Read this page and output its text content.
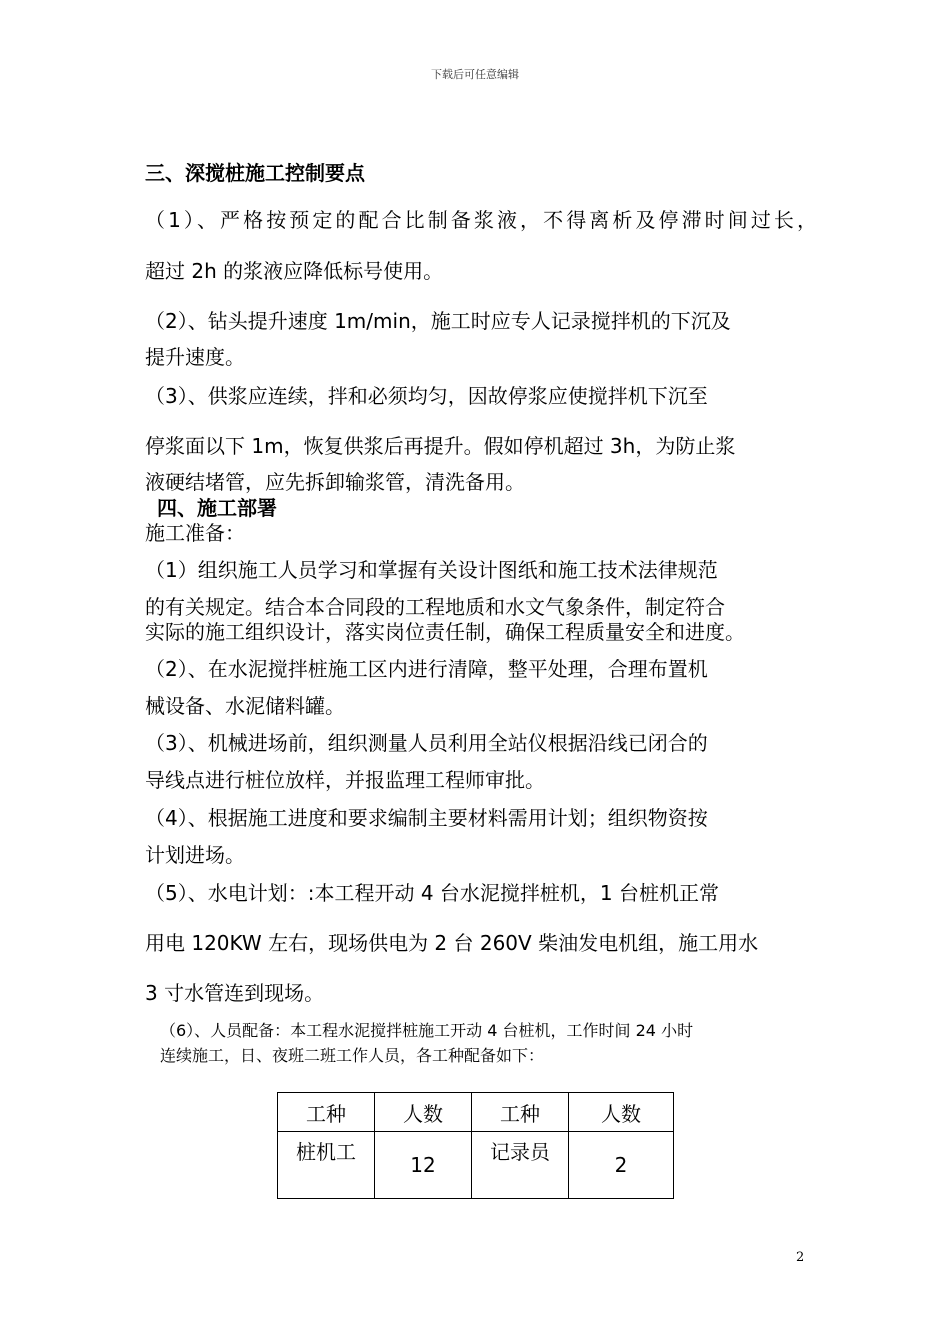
下载后可任意编辑
三、深搅桩施工控制要点
（1）、严格按预定的配合比制备浆液，不得离析及停滞时间过长，
超过 2h 的浆液应降低标号使用。
（2）、钻头提升速度 1m/min，施工时应专人记录搅拌机的下沉及
提升速度。
（3）、供浆应连续，拌和必须均匀，因故停浆应使搅拌机下沉至
停浆面以下 1m，恢复供浆后再提升。假如停机超过 3h，为防止浆
液硬结堵管，应先拆卸输浆管，清洗备用。
四、施工部署
施工准备：
（1）组织施工人员学习和掌握有关设计图纸和施工技术法律规范
的有关规定。结合本合同段的工程地质和水文气象条件，制定符合
实际的施工组织设计，落实岗位责任制，确保工程质量安全和进度。
（2）、在水泥搅拌桩施工区内进行清障，整平处理，合理布置机
械设备、水泥储料罐。
（3）、机械进场前，组织测量人员利用全站仪根据沿线已闭合的
导线点进行桩位放样，并报监理工程师审批。
（4）、根据施工进度和要求编制主要材料需用计划；组织物资按
计划进场。
（5）、水电计划：:本工程开动 4 台水泥搅拌桩机，1 台桩机正常
用电 120KW 左右，现场供电为 2 台 260V 柴油发电机组，施工用水
3 寸水管连到现场。
（6）、人员配备：本工程水泥搅拌桩施工开动 4 台桩机，工作时间 24 小时
连续施工，日、夜班二班工作人员，各工种配备如下：
工种	人数	工种	人数
桩机工	12	记录员	2
2
